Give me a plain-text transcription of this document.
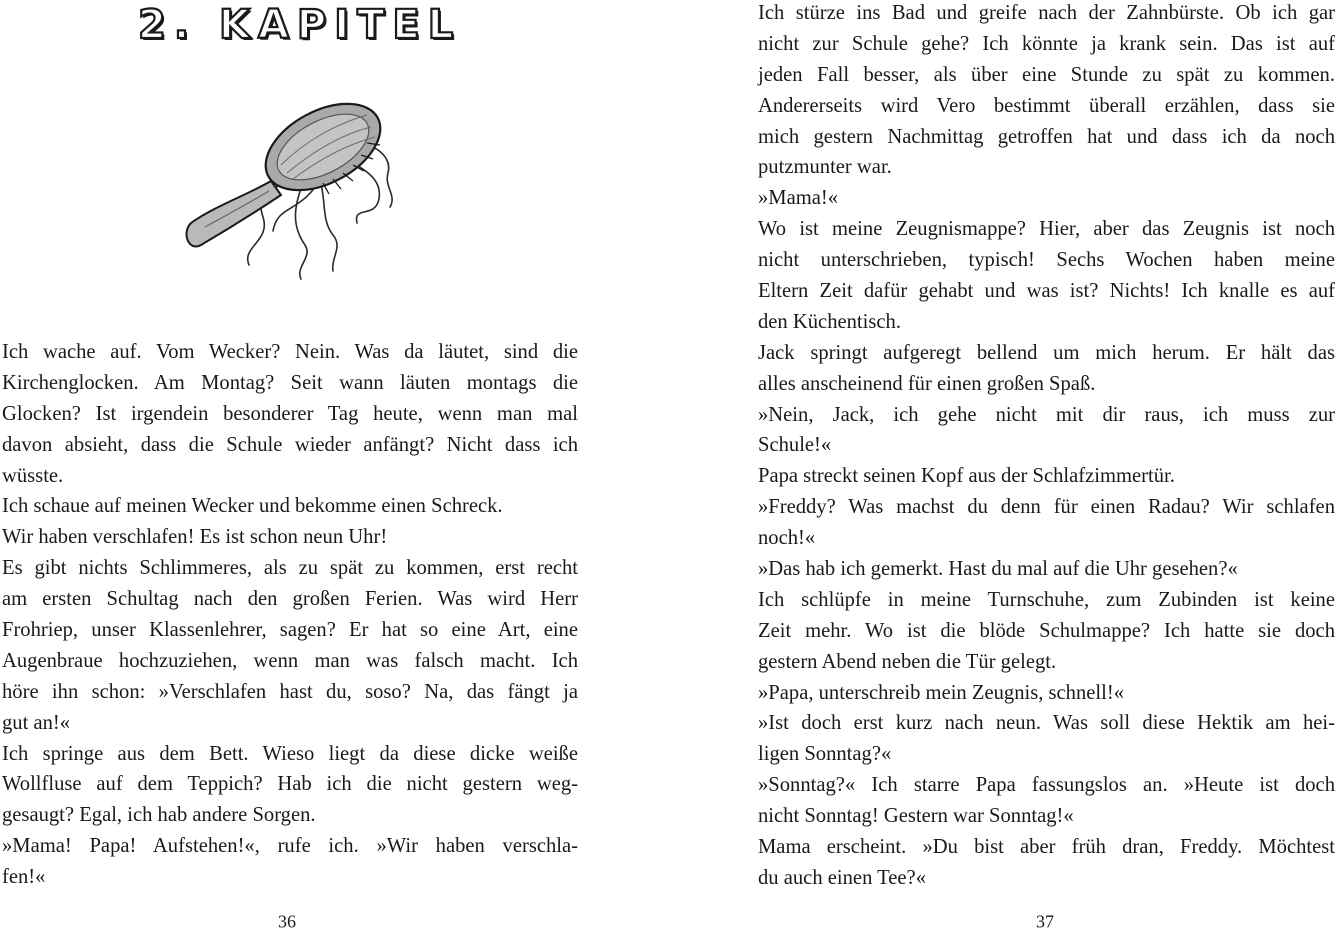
2. KAPITEL
Ich wache auf. Vom Wecker? Nein. Was da läutet, sind die
Kirchenglocken. Am Montag? Seit wann läuten montags die
Glocken? Ist irgendein besonderer Tag heute, wenn man mal
davon absieht, dass die Schule wieder anfängt? Nicht dass ich
wüsste.
Ich schaue auf meinen Wecker und bekomme einen Schreck.
Wir haben verschlafen! Es ist schon neun Uhr!
Es gibt nichts Schlimmeres, als zu spät zu kommen, erst recht
am ersten Schultag nach den großen Ferien. Was wird Herr
Frohriep, unser Klassenlehrer, sagen? Er hat so eine Art, eine
Augenbraue hochzuziehen, wenn man was falsch macht. Ich
höre ihn schon: »Verschlafen hast du, soso? Na, das fängt ja
gut an!«
Ich springe aus dem Bett. Wieso liegt da diese dicke weiße
Wollfluse auf dem Teppich? Hab ich die nicht gestern weg-
gesaugt? Egal, ich hab andere Sorgen.
»Mama! Papa! Aufstehen!«, rufe ich. »Wir haben verschla-
fen!«
36
Ich stürze ins Bad und greife nach der Zahnbürste. Ob ich gar
nicht zur Schule gehe? Ich könnte ja krank sein. Das ist auf
jeden Fall besser, als über eine Stunde zu spät zu kommen.
Andererseits wird Vero bestimmt überall erzählen, dass sie
mich gestern Nachmittag getroffen hat und dass ich da noch
putzmunter war.
»Mama!«
Wo ist meine Zeugnismappe? Hier, aber das Zeugnis ist noch
nicht unterschrieben, typisch! Sechs Wochen haben meine
Eltern Zeit dafür gehabt und was ist? Nichts! Ich knalle es auf
den Küchentisch.
Jack springt aufgeregt bellend um mich herum. Er hält das
alles anscheinend für einen großen Spaß.
»Nein, Jack, ich gehe nicht mit dir raus, ich muss zur
Schule!«
Papa streckt seinen Kopf aus der Schlafzimmertür.
»Freddy? Was machst du denn für einen Radau? Wir schlafen
noch!«
»Das hab ich gemerkt. Hast du mal auf die Uhr gesehen?«
Ich schlüpfe in meine Turnschuhe, zum Zubinden ist keine
Zeit mehr. Wo ist die blöde Schulmappe? Ich hatte sie doch
gestern Abend neben die Tür gelegt.
»Papa, unterschreib mein Zeugnis, schnell!«
»Ist doch erst kurz nach neun. Was soll diese Hektik am hei-
ligen Sonntag?«
»Sonntag?« Ich starre Papa fassungslos an. »Heute ist doch
nicht Sonntag! Gestern war Sonntag!«
Mama erscheint. »Du bist aber früh dran, Freddy. Möchtest
du auch einen Tee?«
37
